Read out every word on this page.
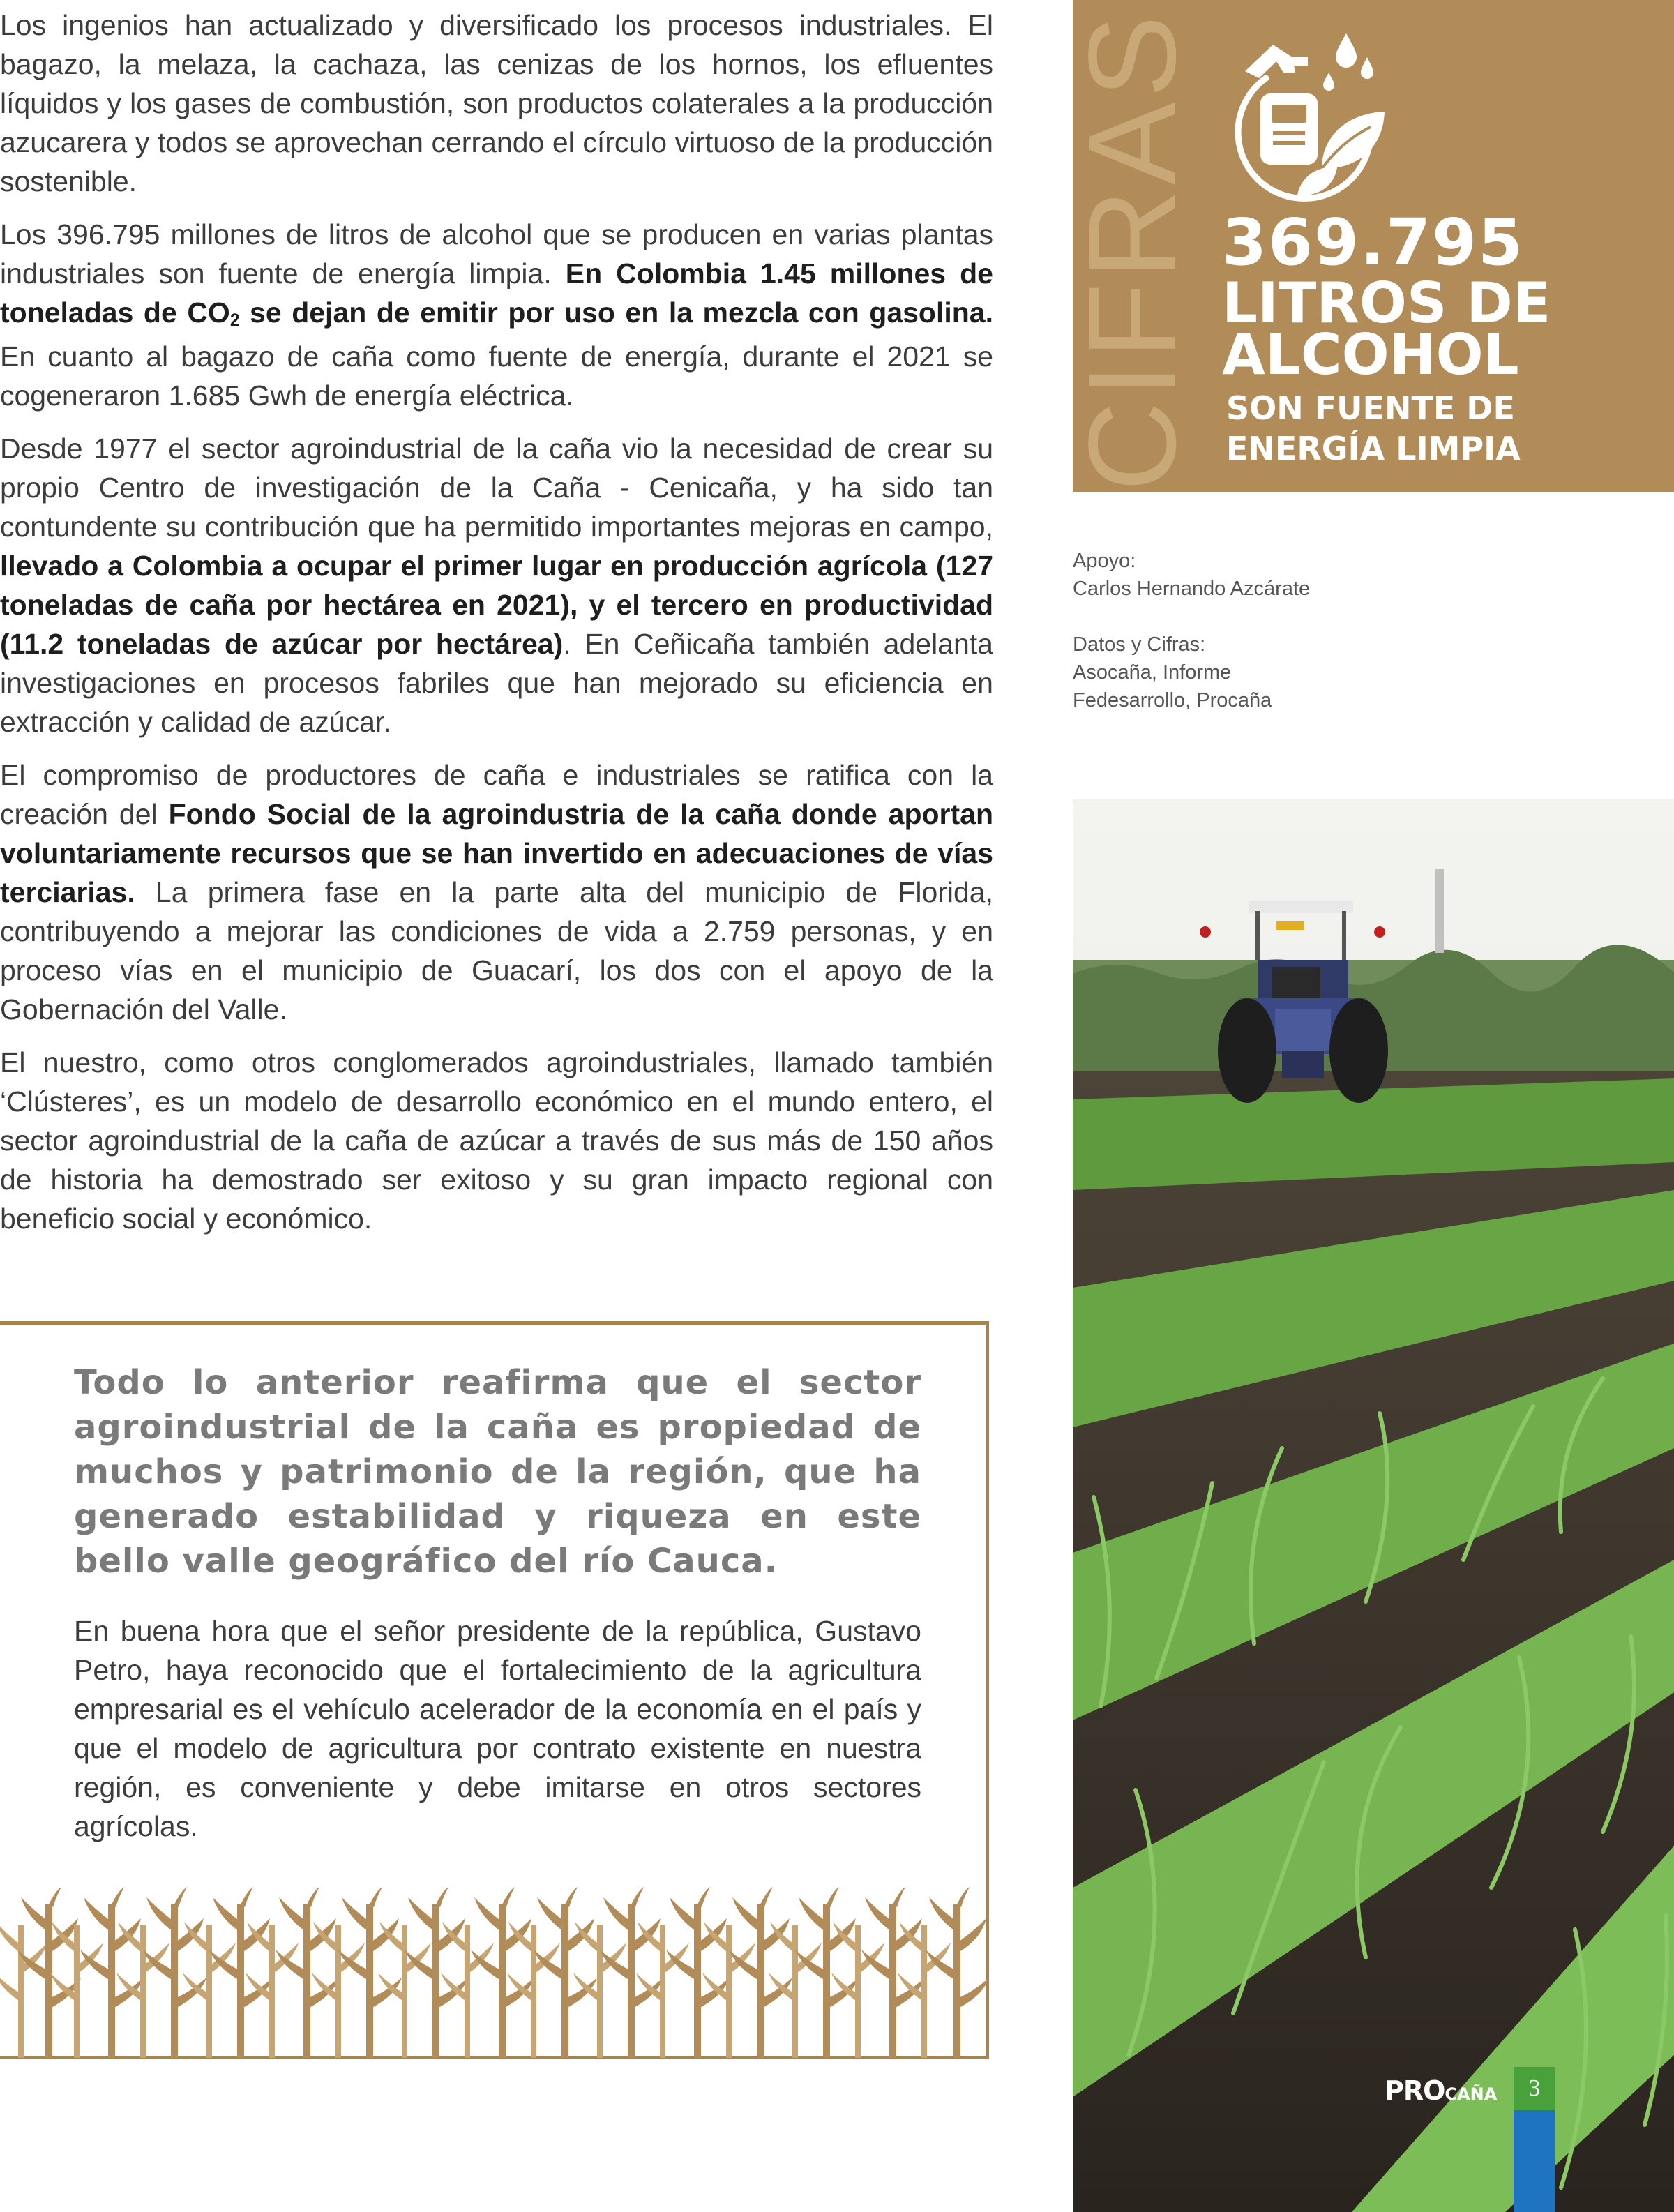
Los ingenios han actualizado y diversificado los procesos industriales. El bagazo, la melaza, la cachaza, las cenizas de los hornos, los efluentes líquidos y los gases de combustión, son productos colaterales a la producción azucarera y todos se aprovechan cerrando el círculo virtuoso de la producción sostenible.

Los 396.795 millones de litros de alcohol que se producen en varias plantas industriales son fuente de energía limpia. En Colombia 1.45 millones de toneladas de $CO_2$ se dejan de emitir por uso en la mezcla con gasolina. En cuanto al bagazo de caña como fuente de energía, durante el 2021 se cogeneraron 1.685 Gwh de energía eléctrica.

Desde 1977 el sector agroindustrial de la caña vio la necesidad de crear su propio Centro de investigación de la Caña - Cenicaña, y ha sido tan contundente su contribución que ha permitido importantes mejoras en campo, llevado a Colombia a ocupar el primer lugar en producción agrícola (127 toneladas de caña por hectárea en 2021), y el tercero en productividad (11.2 toneladas de azúcar por hectárea). En Ceñicaña también adelanta investigaciones en procesos fabriles que han mejorado su eficiencia en extracción y calidad de azúcar.

El compromiso de productores de caña e industriales se ratifica con la creación del Fondo Social de la agroindustria de la caña donde aportan voluntariamente recursos que se han invertido en adecuaciones de vías terciarias. La primera fase en la parte alta del municipio de Florida, contribuyendo a mejorar las condiciones de vida a 2.759 personas, y en proceso vías en el municipio de Guacarí, los dos con el apoyo de la Gobernación del Valle.

El nuestro, como otros conglomerados agroindustriales, llamado también ‘Clústeres’, es un modelo de desarrollo económico en el mundo entero, el sector agroindustrial de la caña de azúcar a través de sus más de 150 años de historia ha demostrado ser exitoso y su gran impacto regional con beneficio social y económico.

CIFRAS 369.795
LITROS DE
ALCOHOL
SON FUENTE DE
ENERGÍA LIMPIA
Apoyo:
Carlos Hernando Azcárate
Datos y Cifras:
Asocaña, Informe
Fedesarrollo, Procaña
PROCAÑA	3
Todo lo anterior reafirma que el sector agroindustrial de la caña es propiedad de muchos y patrimonio de la región, que ha generado estabilidad y riqueza en este bello valle geográfico del río Cauca.
En buena hora que el señor presidente de la república, Gustavo Petro, haya reconocido que el fortalecimiento de la agricultura empresarial es el vehículo acelerador de la economía en el país y que el modelo de agricultura por contrato existente en nuestra región, es conveniente y debe imitarse en otros sectores agrícolas.
